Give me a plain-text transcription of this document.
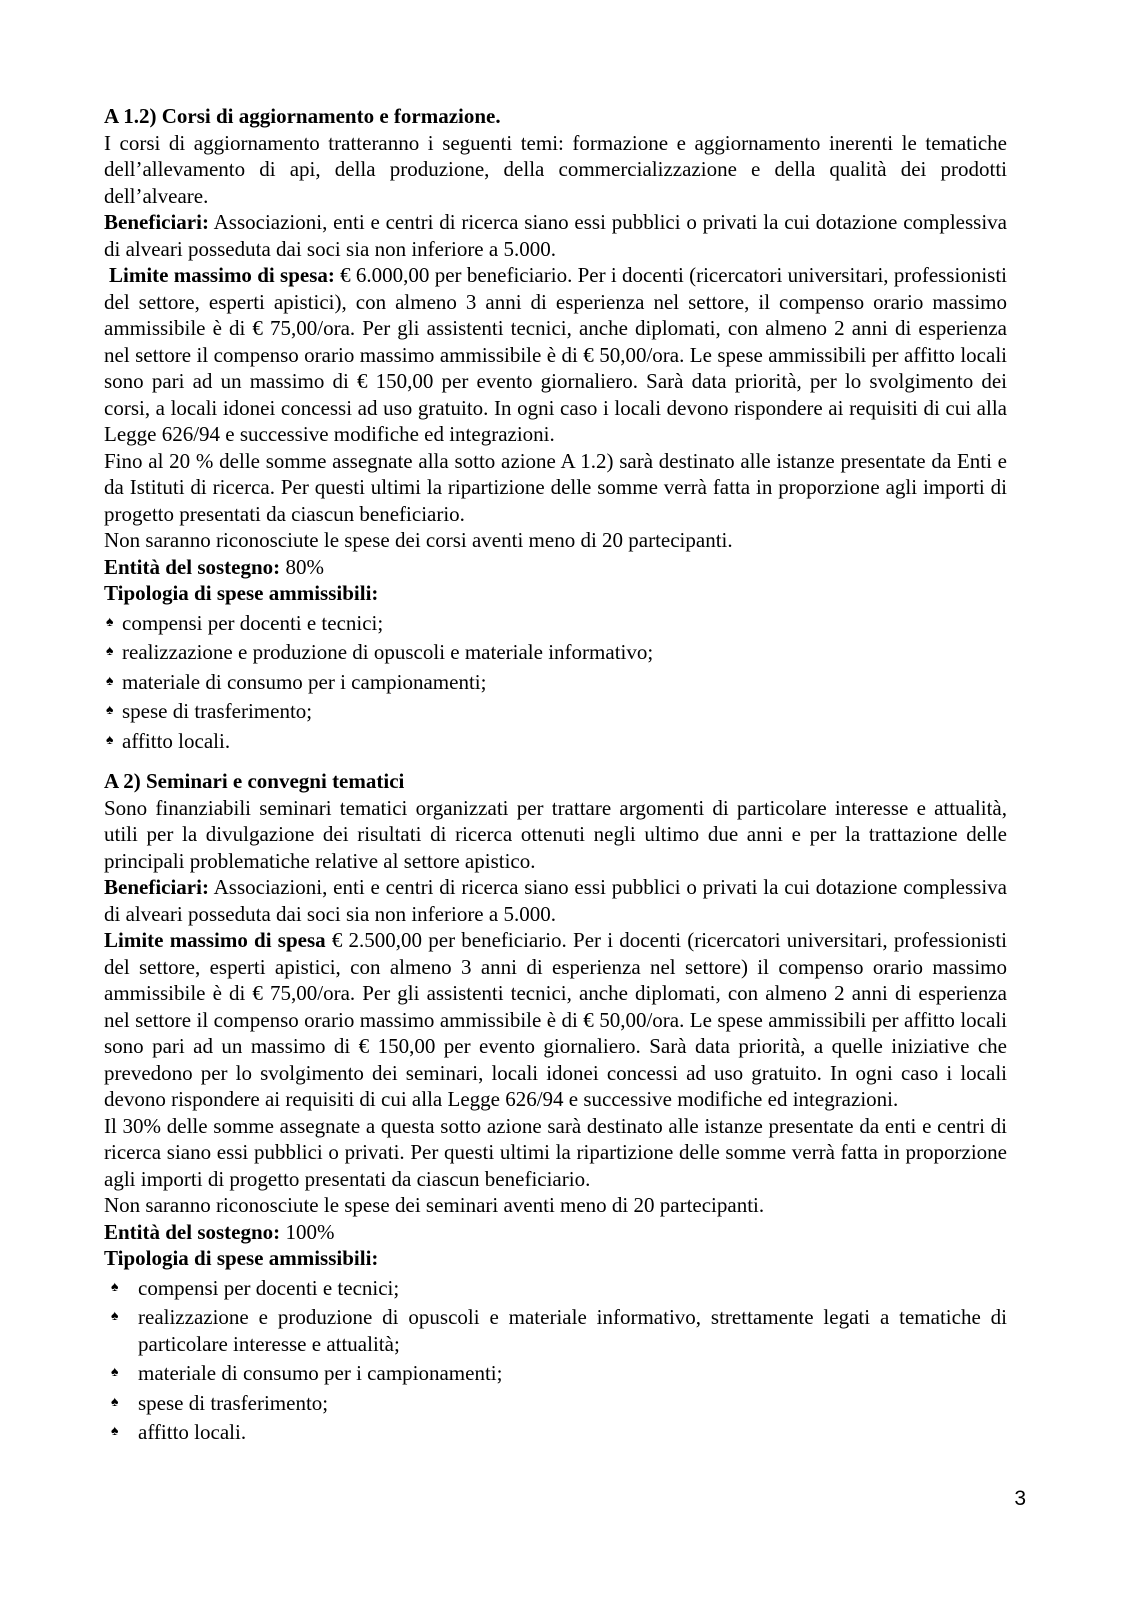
A 1.2) Corsi di aggiornamento e formazione.

I corsi di aggiornamento tratteranno i seguenti temi: formazione e aggiornamento inerenti le tematiche dell’allevamento di api, della produzione, della commercializzazione e della qualità dei prodotti dell’alveare.

Beneficiari: Associazioni, enti e centri di ricerca siano essi pubblici o privati la cui dotazione complessiva di alveari posseduta dai soci sia non inferiore a 5.000.

Limite massimo di spesa: € 6.000,00 per beneficiario. Per i docenti (ricercatori universitari, professionisti del settore, esperti apistici), con almeno 3 anni di esperienza nel settore, il compenso orario massimo ammissibile è di € 75,00/ora. Per gli assistenti tecnici, anche diplomati, con almeno 2 anni di esperienza nel settore il compenso orario massimo ammissibile è di € 50,00/ora. Le spese ammissibili per affitto locali sono pari ad un massimo di € 150,00 per evento giornaliero. Sarà data priorità, per lo svolgimento dei corsi, a locali idonei concessi ad uso gratuito. In ogni caso i locali devono rispondere ai requisiti di cui alla Legge 626/94 e successive modifiche ed integrazioni.

Fino al 20 % delle somme assegnate alla sotto azione A 1.2) sarà destinato alle istanze presentate da Enti e da Istituti di ricerca. Per questi ultimi la ripartizione delle somme verrà fatta in proporzione agli importi di progetto presentati da ciascun beneficiario.

Non saranno riconosciute le spese dei corsi aventi meno di 20 partecipanti.

Entità del sostegno: 80%

Tipologia di spese ammissibili:

♠ compensi per docenti e tecnici;
♠ realizzazione e produzione di opuscoli e materiale informativo;
♠ materiale di consumo per i campionamenti;
♠ spese di trasferimento;
♠ affitto locali.

A 2) Seminari e convegni tematici

Sono finanziabili seminari tematici organizzati per trattare argomenti di particolare interesse e attualità, utili per la divulgazione dei risultati di ricerca ottenuti negli ultimo due anni e per la trattazione delle principali problematiche relative al settore apistico.

Beneficiari: Associazioni, enti e centri di ricerca siano essi pubblici o privati la cui dotazione complessiva di alveari posseduta dai soci sia non inferiore a 5.000.

Limite massimo di spesa € 2.500,00 per beneficiario. Per i docenti (ricercatori universitari, professionisti del settore, esperti apistici, con almeno 3 anni di esperienza nel settore) il compenso orario massimo ammissibile è di € 75,00/ora. Per gli assistenti tecnici, anche diplomati, con almeno 2 anni di esperienza nel settore il compenso orario massimo ammissibile è di € 50,00/ora. Le spese ammissibili per affitto locali sono pari ad un massimo di € 150,00 per evento giornaliero. Sarà data priorità, a quelle iniziative che prevedono per lo svolgimento dei seminari, locali idonei concessi ad uso gratuito. In ogni caso i locali devono rispondere ai requisiti di cui alla Legge 626/94 e successive modifiche ed integrazioni.

Il 30% delle somme assegnate a questa sotto azione sarà destinato alle istanze presentate da enti e centri di ricerca siano essi pubblici o privati. Per questi ultimi la ripartizione delle somme verrà fatta in proporzione agli importi di progetto presentati da ciascun beneficiario.

Non saranno riconosciute le spese dei seminari aventi meno di 20 partecipanti.

Entità del sostegno: 100%

Tipologia di spese ammissibili:

♠ compensi per docenti e tecnici;
♠ realizzazione e produzione di opuscoli e materiale informativo, strettamente legati a tematiche di particolare interesse e attualità;
♠ materiale di consumo per i campionamenti;
♠ spese di trasferimento;
♠ affitto locali.
3
